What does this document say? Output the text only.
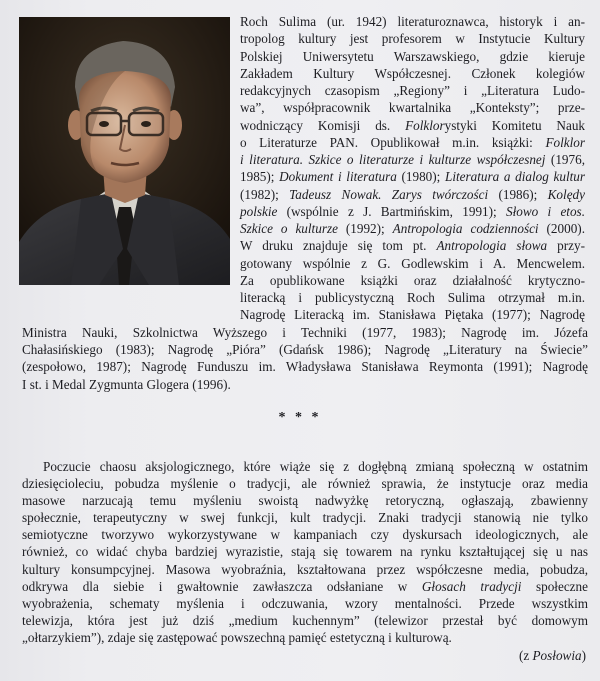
Roch Sulima (ur. 1942) literaturoznawca, historyk i an-
tropolog kultury jest profesorem w Instytucie Kultury
Polskiej Uniwersytetu Warszawskiego, gdzie kieruje
Zakładem Kultury Współczesnej. Członek kolegiów
redakcyjnych czasopism „Regiony” i „Literatura Ludo-
wa”, współpracownik kwartalnika „Konteksty”; prze-
wodniczący Komisji ds. Folklorystyki Komitetu Nauk
o Literaturze PAN. Opublikował m.in. książki: Folklor
i literatura. Szkice o literaturze i kulturze współczesnej (1976,
1985); Dokument i literatura (1980); Literatura a dialog kultur
(1982); Tadeusz Nowak. Zarys twórczości (1986); Kolędy
polskie (wspólnie z J. Bartmińskim, 1991); Słowo i etos.
Szkice o kulturze (1992); Antropologia codzienności (2000).
W druku znajduje się tom pt. Antropologia słowa przy-
gotowany wspólnie z G. Godlewskim i A. Mencwelem.
Za opublikowane książki oraz działalność krytyczno-
literacką i publicystyczną Roch Sulima otrzymał m.in.
Nagrodę Literacką im. Stanisława Piętaka (1977); Nagrodę
Ministra Nauki, Szkolnictwa Wyższego i Techniki (1977, 1983); Nagrodę im. Józefa
Chałasińskiego (1983); Nagrodę „Pióra” (Gdańsk 1986); Nagrodę „Literatury na Świecie”
(zespołowo, 1987); Nagrodę Funduszu im. Władysława Stanisława Reymonta (1991); Nagrodę
I st. i Medal Zygmunta Glogera (1996).
* * *
Poczucie chaosu aksjologicznego, które wiąże się z dogłębną zmianą społeczną w ostatnim
dziesięcioleciu, pobudza myślenie o tradycji, ale również sprawia, że instytucje oraz media
masowe narzucają temu myśleniu swoistą nadwyżkę retoryczną, ogłaszają, zbawienny
społecznie, terapeutyczny w swej funkcji, kult tradycji. Znaki tradycji stanowią nie tylko
semiotyczne tworzywo wykorzystywane w kampaniach czy dyskursach ideologicznych, ale
również, co widać chyba bardziej wyrazistie, stają się towarem na rynku kształtującej się u nas
kultury konsumpcyjnej. Masowa wyobraźnia, kształtowana przez współczesne media, pobudza,
odkrywa dla siebie i gwałtownie zawłaszcza odsłaniane w Głosach tradycji społeczne
wyobrażenia, schematy myślenia i odczuwania, wzory mentalności. Przede wszystkim
telewizja, która jest już dziś „medium kuchennym” (telewizor przestał być domowym
„ołtarzykiem”), zdaje się zastępować powszechną pamięć estetyczną i kulturową.
(z Posłowia)
